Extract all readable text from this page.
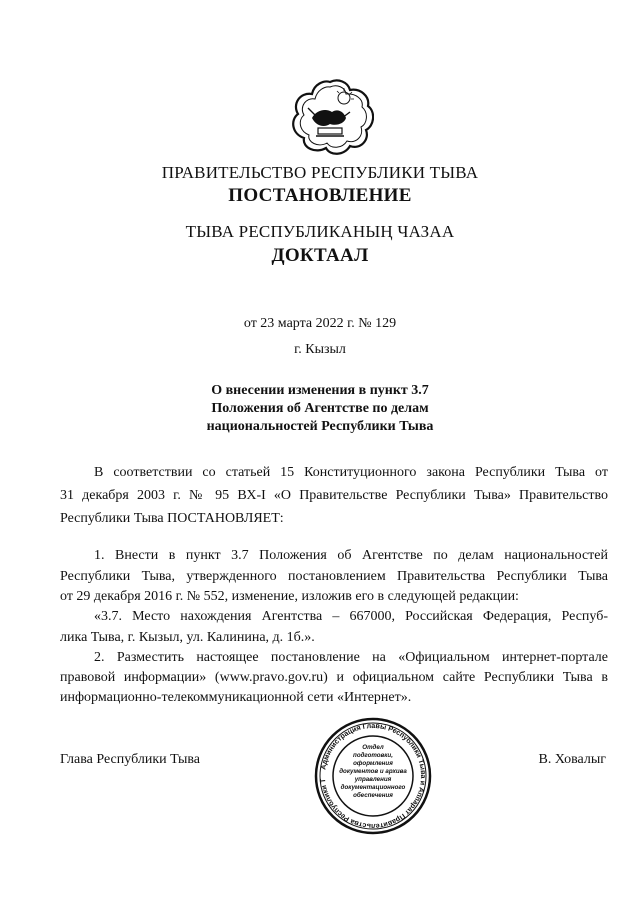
ПРАВИТЕЛЬСТВО РЕСПУБЛИКИ ТЫВА
ПОСТАНОВЛЕНИЕ
ТЫВА РЕСПУБЛИКАНЫҢ ЧАЗАА
ДОКТААЛ
от 23 марта 2022 г. № 129
г. Кызыл
О внесении изменения в пункт 3.7
Положения об Агентстве по делам
национальностей Республики Тыва
В соответствии со статьей 15 Конституционного закона Республики Тыва от
31 декабря 2003 г. № 95 ВХ-I «О Правительстве Республики Тыва» Правительство
Республики Тыва ПОСТАНОВЛЯЕТ:
1. Внести в пункт 3.7 Положения об Агентстве по делам национальностей
Республики Тыва, утвержденного постановлением Правительства Республики Тыва
от 29 декабря 2016 г. № 552, изменение, изложив его в следующей редакции:
«3.7. Место нахождения Агентства – 667000, Российская Федерация, Респуб-
лика Тыва, г. Кызыл, ул. Калинина, д. 1б.».
2. Разместить настоящее постановление на «Официальном интернет-портале
правовой информации» (www.pravo.gov.ru) и официальном сайте Республики Тыва в
информационно-телекоммуникационной сети «Интернет».
Глава Республики Тыва	В. Ховалыг
Администрация Главы Республики Тыва и Аппарат Правительства Республики Т
Отдел
подготовки,
оформления
документов и архива
управления
документационного
обеспечения
